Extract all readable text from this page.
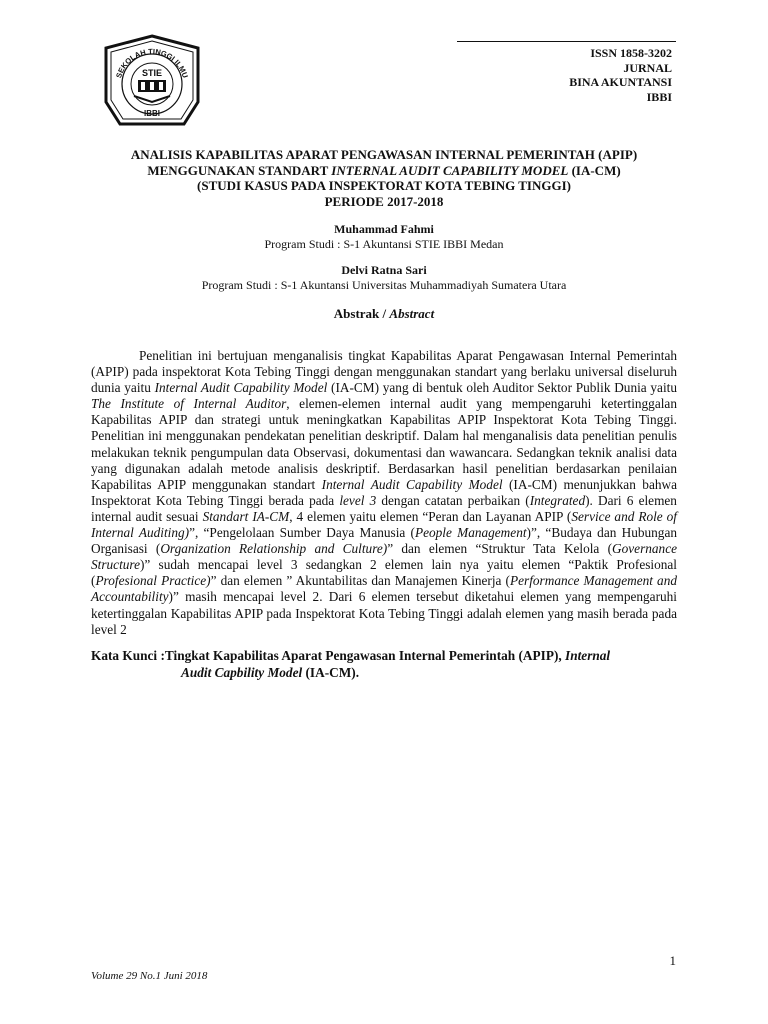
SEKOLAH TINGGI ILMU
STIE
IBBI
ISSN 1858-3202
JURNAL
BINA AKUNTANSI
IBBI
ANALISIS KAPABILITAS APARAT PENGAWASAN INTERNAL PEMERINTAH (APIP)
MENGGUNAKAN STANDART INTERNAL AUDIT CAPABILITY MODEL (IA-CM)
(STUDI KASUS PADA INSPEKTORAT KOTA TEBING TINGGI)
PERIODE 2017-2018
Muhammad Fahmi
Program Studi : S-1 Akuntansi STIE IBBI Medan
Delvi Ratna Sari
Program Studi : S-1 Akuntansi Universitas Muhammadiyah Sumatera Utara
Abstrak / Abstract
Penelitian ini bertujuan menganalisis tingkat Kapabilitas Aparat Pengawasan Internal Pemerintah (APIP) pada inspektorat Kota Tebing Tinggi dengan menggunakan standart yang berlaku universal diseluruh dunia yaitu Internal Audit Capability Model (IA-CM) yang di bentuk oleh Auditor Sektor Publik Dunia yaitu The Institute of Internal Auditor, elemen-elemen internal audit yang mempengaruhi ketertinggalan Kapabilitas APIP dan strategi untuk meningkatkan Kapabilitas APIP Inspektorat Kota Tebing Tinggi. Penelitian ini menggunakan pendekatan penelitian deskriptif. Dalam hal menganalisis data penelitian penulis melakukan teknik pengumpulan data Observasi, dokumentasi dan wawancara. Sedangkan teknik analisi data yang digunakan adalah metode analisis deskriptif. Berdasarkan hasil penelitian berdasarkan penilaian Kapabilitas APIP menggunakan standart Internal Audit Capability Model (IA-CM) menunjukkan bahwa Inspektorat Kota Tebing Tinggi berada pada level 3 dengan catatan perbaikan (Integrated). Dari 6 elemen internal audit sesuai Standart IA-CM, 4 elemen yaitu elemen “Peran dan Layanan APIP (Service and Role of Internal Auditing)”, “Pengelolaan Sumber Daya Manusia (People Management)”, “Budaya dan Hubungan Organisasi (Organization Relationship and Culture)” dan elemen “Struktur Tata Kelola (Governance Structure)” sudah mencapai level 3 sedangkan 2 elemen lain nya yaitu elemen “Paktik Profesional (Profesional Practice)” dan elemen ” Akuntabilitas dan Manajemen Kinerja (Performance Management and Accountability)” masih mencapai level 2. Dari 6 elemen tersebut diketahui elemen yang mempengaruhi ketertinggalan Kapabilitas APIP pada Inspektorat Kota Tebing Tinggi adalah elemen yang masih berada pada level 2
Kata Kunci :Tingkat Kapabilitas Aparat Pengawasan Internal Pemerintah (APIP), Internal
Audit Capbility Model (IA-CM).
1
Volume 29 No.1 Juni 2018
